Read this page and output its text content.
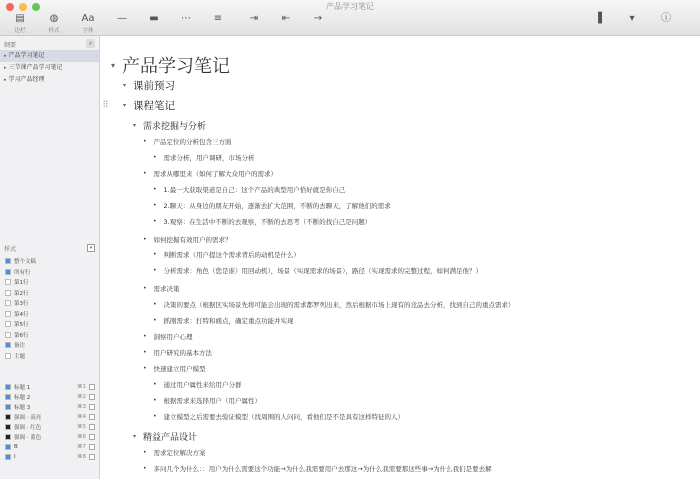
产品学习笔记
▤
边栏
◍
样式
Aa
字体
—	▬	⋯	≡	⇥	⇤	→	▐	▾	ⓘ
纲要	⌕
▸ 产品学习笔记
▸ 三节课产品学习笔记
▸ 学习产品经理
样式	▾
整个文稿
所有行
第1行
第2行
第3行
第4行
第5行
第6行
备注
主题
标题 1	⌘1
标题 2	⌘2
标题 3	⌘3
强调 · 高亮	⌘4
强调 · 红色	⌘5
强调 · 蓝色	⌘6
B	⌘7
I	⌘8
▾ 产品学习笔记
▾ 课前预习
▾ 课程笔记
▾ 需求挖掘与分析
• 产品定位的分析包含三方面
• 需求分析，用户调研，市场分析
• 需求从哪里来（如何了解大众用户的需求）
• 1.最一大获取渠道是自己：这个产品的典型用户恰好就是你自己
• 2.聊天：从身边的朋友开始，逐渐去扩大范围，不断的去聊天，了解他们的需求
• 3.观察：在生活中不断的去观察，不断的去思考（不断的找自己是问题）
• 如何挖掘有效用户的需求？
• 判断需求（用户提这个需求背后的动机是什么）
• 分析需求：角色（您是谁）用回动机），场景（实现需求的场景），路径（实现需求的完整过程，如何满足他？）
• 需求决策
• 决策的要点（根据区实场景先将可能会出现的需求都罗列出来，然后根据市场上现有的竞品去分析，找到自己的重点需求）
• 抓刚需求：打特和痛点，确定重点功能并实现
• 洞察用户心理
• 用户研究的基本方法
• 快速建立用户模型
• 通过用户属性来给用户分群
• 根据需求来选择用户（用户属性）
• 建立模型之后需要去验证模型（找周围的人问问，看他们是不是具有这样特征的人）
▾ 精益产品设计
• 需求定位解决方案
• 多问几个为什么：：用户为什么需要这个功能→为什么我需要用户去那这→为什么我需要那这些事→为什么我们是要去解
